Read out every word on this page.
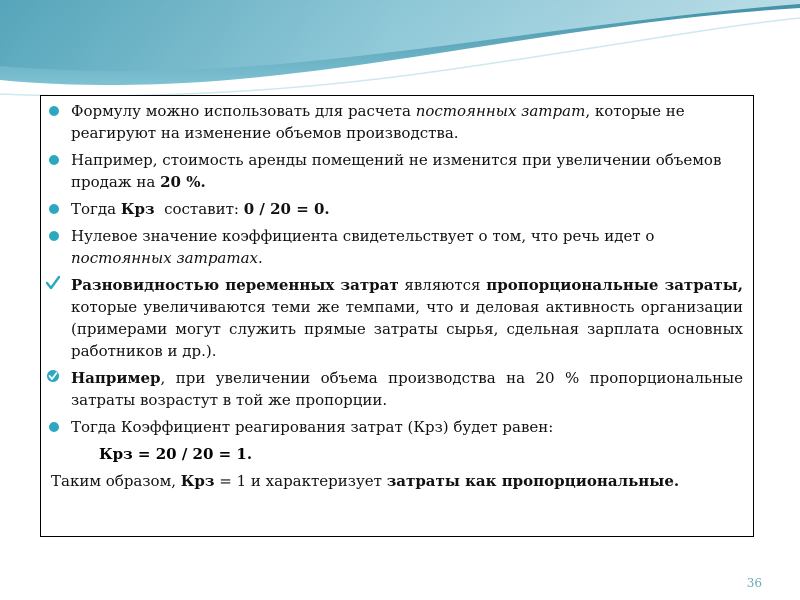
Формулу можно использовать для расчета постоянных затрат, которые не реагируют на изменение объемов производства.

Например, стоимость аренды помещений не изменится при увеличении объемов продаж на 20 %.

Тогда Крз  составит: 0 / 20 = 0.

Нулевое значение коэффициента свидетельствует о том, что речь идет о постоянных затратах.

Разновидностью переменных затрат являются пропорциональные затраты, которые увеличиваются теми же темпами, что и деловая активность организации (примерами могут служить прямые затраты сырья, сдельная зарплата основных работников и др.).

Например, при увеличении объема производства на 20 % пропорциональные затраты возрастут в той же пропорции.

Тогда Коэффициент реагирования затрат (Крз) будет равен:

Крз = 20 / 20 = 1.

Таким образом, Крз = 1 и характеризует затраты как пропорциональные.

36
